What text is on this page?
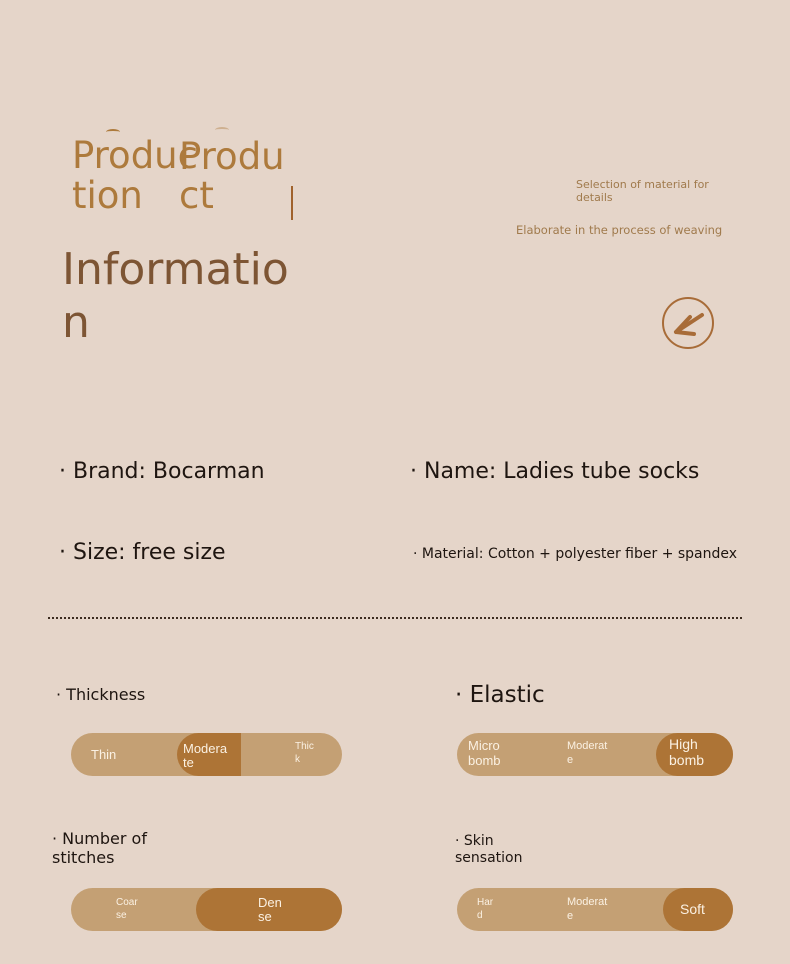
Produc
tion
Produ
ct
Informatio
n
Selection of material for details
Elaborate in the process of weaving
· Brand: Bocarman	· Name: Ladies tube socks
· Size: free size	· Material: Cotton + polyester fiber + spandex
· Thickness
Thin	Modera
te
Thic
k
· Elastic
Micro
bomb
Moderat
e
High
bomb
· Number of
stitches
Coar
se
Den
se
· Skin
sensation
Har
d
Moderat
e	Soft
